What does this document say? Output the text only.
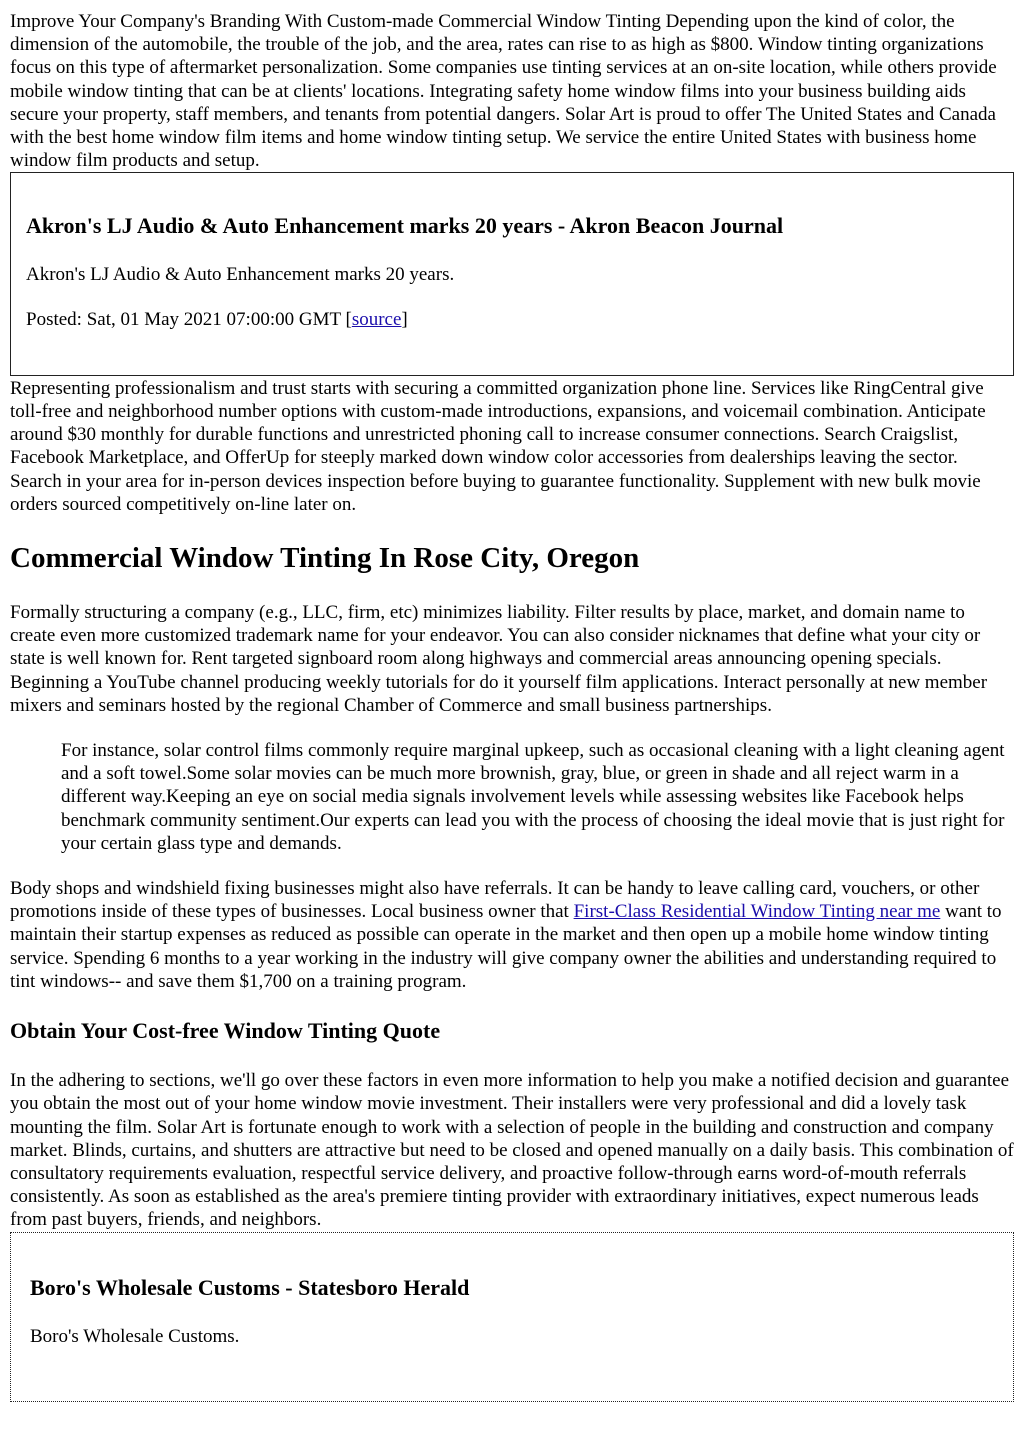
Improve Your Company's Branding With Custom-made Commercial Window Tinting Depending upon the kind of color, the dimension of the automobile, the trouble of the job, and the area, rates can rise to as high as $800. Window tinting organizations focus on this type of aftermarket personalization. Some companies use tinting services at an on-site location, while others provide mobile window tinting that can be at clients' locations. Integrating safety home window films into your business building aids secure your property, staff members, and tenants from potential dangers. Solar Art is proud to offer The United States and Canada with the best home window film items and home window tinting setup. We service the entire United States with business home window film products and setup.

Akron's LJ Audio & Auto Enhancement marks 20 years - Akron Beacon Journal

Akron's LJ Audio & Auto Enhancement marks 20 years.

Posted: Sat, 01 May 2021 07:00:00 GMT [source]

Representing professionalism and trust starts with securing a committed organization phone line. Services like RingCentral give toll-free and neighborhood number options with custom-made introductions, expansions, and voicemail combination. Anticipate around $30 monthly for durable functions and unrestricted phoning call to increase consumer connections. Search Craigslist, Facebook Marketplace, and OfferUp for steeply marked down window color accessories from dealerships leaving the sector. Search in your area for in-person devices inspection before buying to guarantee functionality. Supplement with new bulk movie orders sourced competitively on-line later on.

Commercial Window Tinting In Rose City, Oregon

Formally structuring a company (e.g., LLC, firm, etc) minimizes liability. Filter results by place, market, and domain name to create even more customized trademark name for your endeavor. You can also consider nicknames that define what your city or state is well known for. Rent targeted signboard room along highways and commercial areas announcing opening specials. Beginning a YouTube channel producing weekly tutorials for do it yourself film applications. Interact personally at new member mixers and seminars hosted by the regional Chamber of Commerce and small business partnerships.

For instance, solar control films commonly require marginal upkeep, such as occasional cleaning with a light cleaning agent and a soft towel.Some solar movies can be much more brownish, gray, blue, or green in shade and all reject warm in a different way.Keeping an eye on social media signals involvement levels while assessing websites like Facebook helps benchmark community sentiment.Our experts can lead you with the process of choosing the ideal movie that is just right for your certain glass type and demands.

Body shops and windshield fixing businesses might also have referrals. It can be handy to leave calling card, vouchers, or other promotions inside of these types of businesses. Local business owner that First-Class Residential Window Tinting near me want to maintain their startup expenses as reduced as possible can operate in the market and then open up a mobile home window tinting service. Spending 6 months to a year working in the industry will give company owner the abilities and understanding required to tint windows-- and save them $1,700 on a training program.

Obtain Your Cost-free Window Tinting Quote

In the adhering to sections, we'll go over these factors in even more information to help you make a notified decision and guarantee you obtain the most out of your home window movie investment. Their installers were very professional and did a lovely task mounting the film. Solar Art is fortunate enough to work with a selection of people in the building and construction and company market. Blinds, curtains, and shutters are attractive but need to be closed and opened manually on a daily basis. This combination of consultatory requirements evaluation, respectful service delivery, and proactive follow-through earns word-of-mouth referrals consistently. As soon as established as the area's premiere tinting provider with extraordinary initiatives, expect numerous leads from past buyers, friends, and neighbors.

Boro's Wholesale Customs - Statesboro Herald

Boro's Wholesale Customs.
